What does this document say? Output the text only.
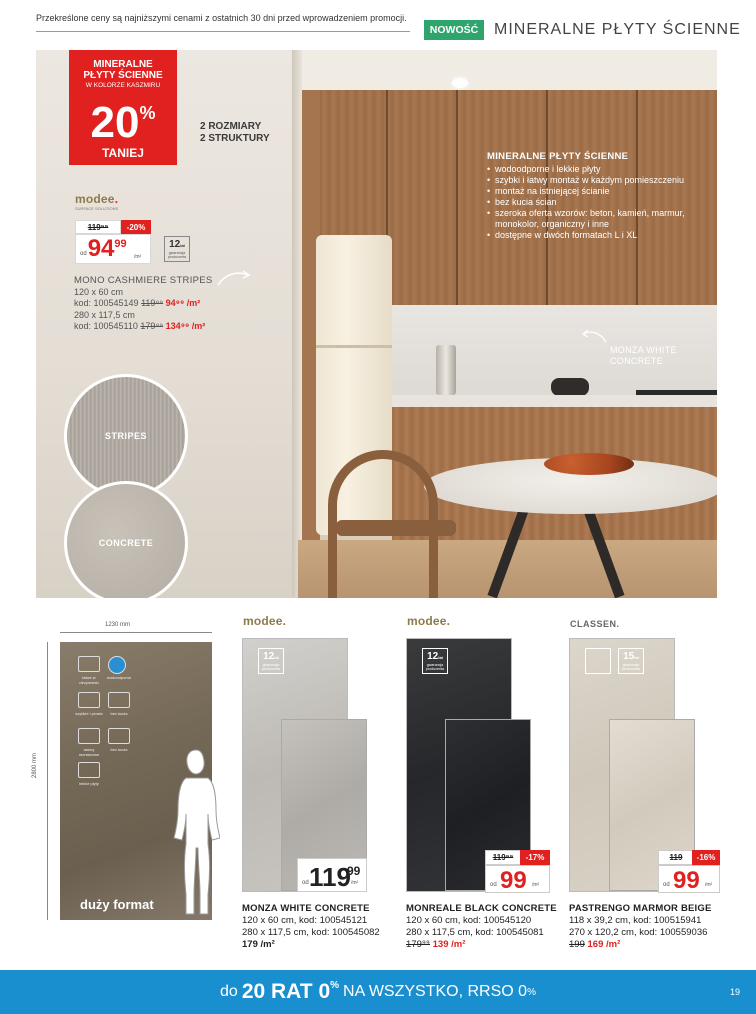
Przekreślone ceny są najniższymi cenami z ostatnich 30 dni przed wprowadzeniem promocji.
NOWOŚĆ MINERALNE PŁYTY ŚCIENNE
MINERALNE
PŁYTY ŚCIENNE
W KOLORZE KASZMIRU
20%
TANIEJ
2 ROZMIARY
2 STRUKTURY
modee.
SURFACE SOLUTIONS
119⁹⁹	-20%
od 94 99
/m²
12lat
gwarancja producenta
MONO CASHMIERE STRIPES
120 x 60 cm
kod: 100545149 119⁹⁹ 94⁹⁹ /m²
280 x 117,5 cm
kod: 100545110 179⁹⁹ 134⁹⁹ /m²
STRIPES
CONCRETE
MINERALNE PŁYTY ŚCIENNE
• wodoodporne i lekkie płyty
• szybki i łatwy montaż w każdym pomieszczeniu
• montaż na istniejącej ścianie
• bez kucia ścian
• szeroka oferta wzorów: beton, kamień, marmur, monokolor, organiczny i inne
• dostępne w dwóch formatach L i XL
MONZA WHITE
CONCRETE
1230 mm
2800 mm
łatwe w utrzymaniu
wodoodporne
szybkie i proste	bez kucia
taśmy montażowe
bez kucia
lekkie płyty
duży format
modee.
12lat
gwarancja producenta
od 119
99
/m²
MONZA WHITE CONCRETE
120 x 60 cm, kod: 100545121
280 x 117,5 cm, kod: 100545082
179 /m²
modee.
12lat
gwarancja producenta
119⁹⁹	-17%
od 99 /m²
MONREALE BLACK CONCRETE
120 x 60 cm, kod: 100545120
280 x 117,5 cm, kod: 100545081
179⁹⁹ 139 /m²
CLASSEN.
15lat
gwarancja producenta
119	-16%
od 99 /m²
PASTRENGO MARMOR BEIGE
118 x 39,2 cm, kod: 100515941
270 x 120,2 cm, kod: 100559036
199 169 /m²
do 20 RAT 0% NA WSZYSTKO, RRSO 0 %	19
